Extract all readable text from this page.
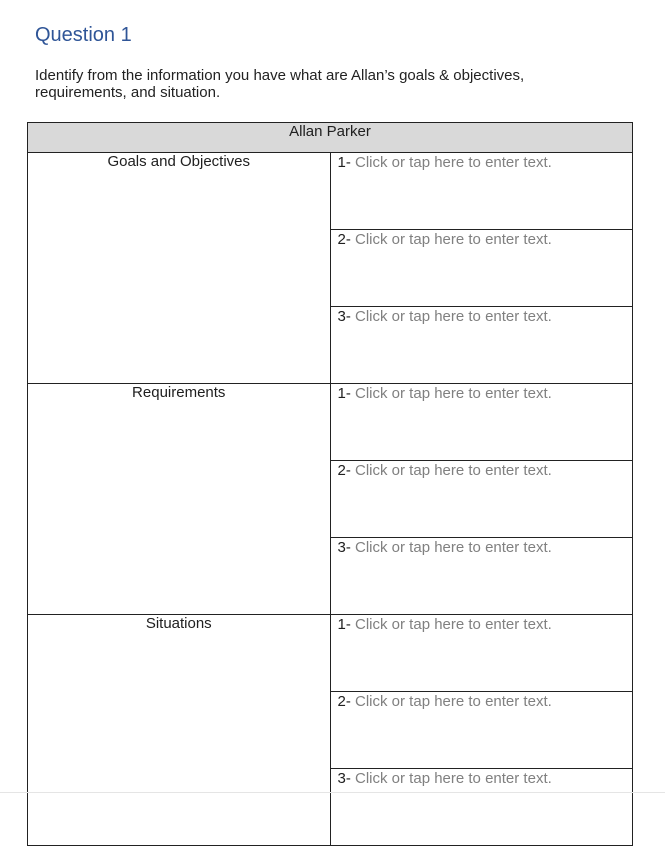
Question 1

Identify from the information you have what are Allan’s goals & objectives, requirements, and situation.

Allan Parker	
Goals and Objectives	1- Click or tap here to enter text.

	2- Click or tap here to enter text.

	3- Click or tap here to enter text.

Requirements	1- Click or tap here to enter text.

	2- Click or tap here to enter text.

	3- Click or tap here to enter text.

Situations	1- Click or tap here to enter text.

	2- Click or tap here to enter text.

	3- Click or tap here to enter text.
